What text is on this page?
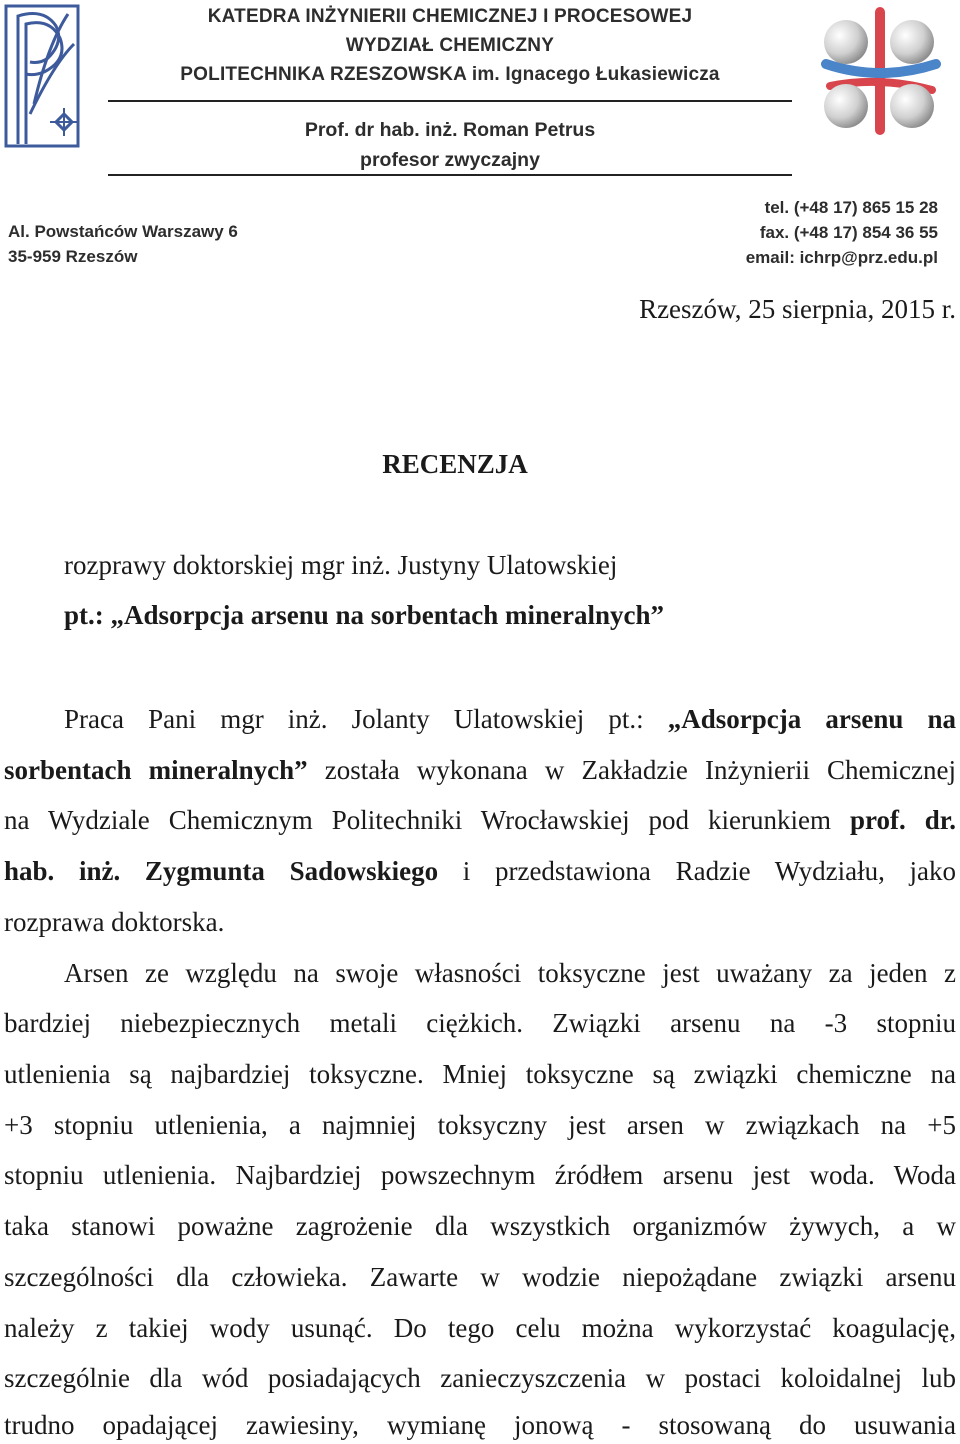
KATEDRA INŻYNIERII CHEMICZNEJ I PROCESOWEJ
WYDZIAŁ CHEMICZNY
POLITECHNIKA RZESZOWSKA im. Ignacego Łukasiewicza
Prof. dr hab. inż. Roman Petrus
profesor zwyczajny
Al. Powstańców Warszawy 6
35-959 Rzeszów
tel. (+48 17) 865 15 28
fax. (+48 17) 854 36 55
email: ichrp@prz.edu.pl
Rzeszów, 25 sierpnia, 2015 r.
RECENZJA
rozprawy doktorskiej mgr inż. Justyny Ulatowskiej
pt.: „Adsorpcja arsenu na sorbentach mineralnych”
Praca Pani mgr inż. Jolanty Ulatowskiej pt.: „Adsorpcja arsenu na
sorbentach mineralnych” została wykonana w Zakładzie Inżynierii Chemicznej
na Wydziale Chemicznym Politechniki Wrocławskiej pod kierunkiem prof. dr.
hab. inż. Zygmunta Sadowskiego i przedstawiona Radzie Wydziału, jako
rozprawa doktorska.
Arsen ze względu na swoje własności toksyczne jest uważany za jeden z
bardziej niebezpiecznych metali ciężkich. Związki arsenu na -3 stopniu
utlenienia są najbardziej toksyczne. Mniej toksyczne są związki chemiczne na
+3 stopniu utlenienia, a najmniej toksyczny jest arsen w związkach na +5
stopniu utlenienia. Najbardziej powszechnym źródłem arsenu jest woda. Woda
taka stanowi poważne zagrożenie dla wszystkich organizmów żywych, a w
szczególności dla człowieka. Zawarte w wodzie niepożądane związki arsenu
należy z takiej wody usunąć. Do tego celu można wykorzystać koagulację,
szczególnie dla wód posiadających zanieczyszczenia w postaci koloidalnej lub
trudno opadającej zawiesiny, wymianę jonową - stosowaną do usuwania
